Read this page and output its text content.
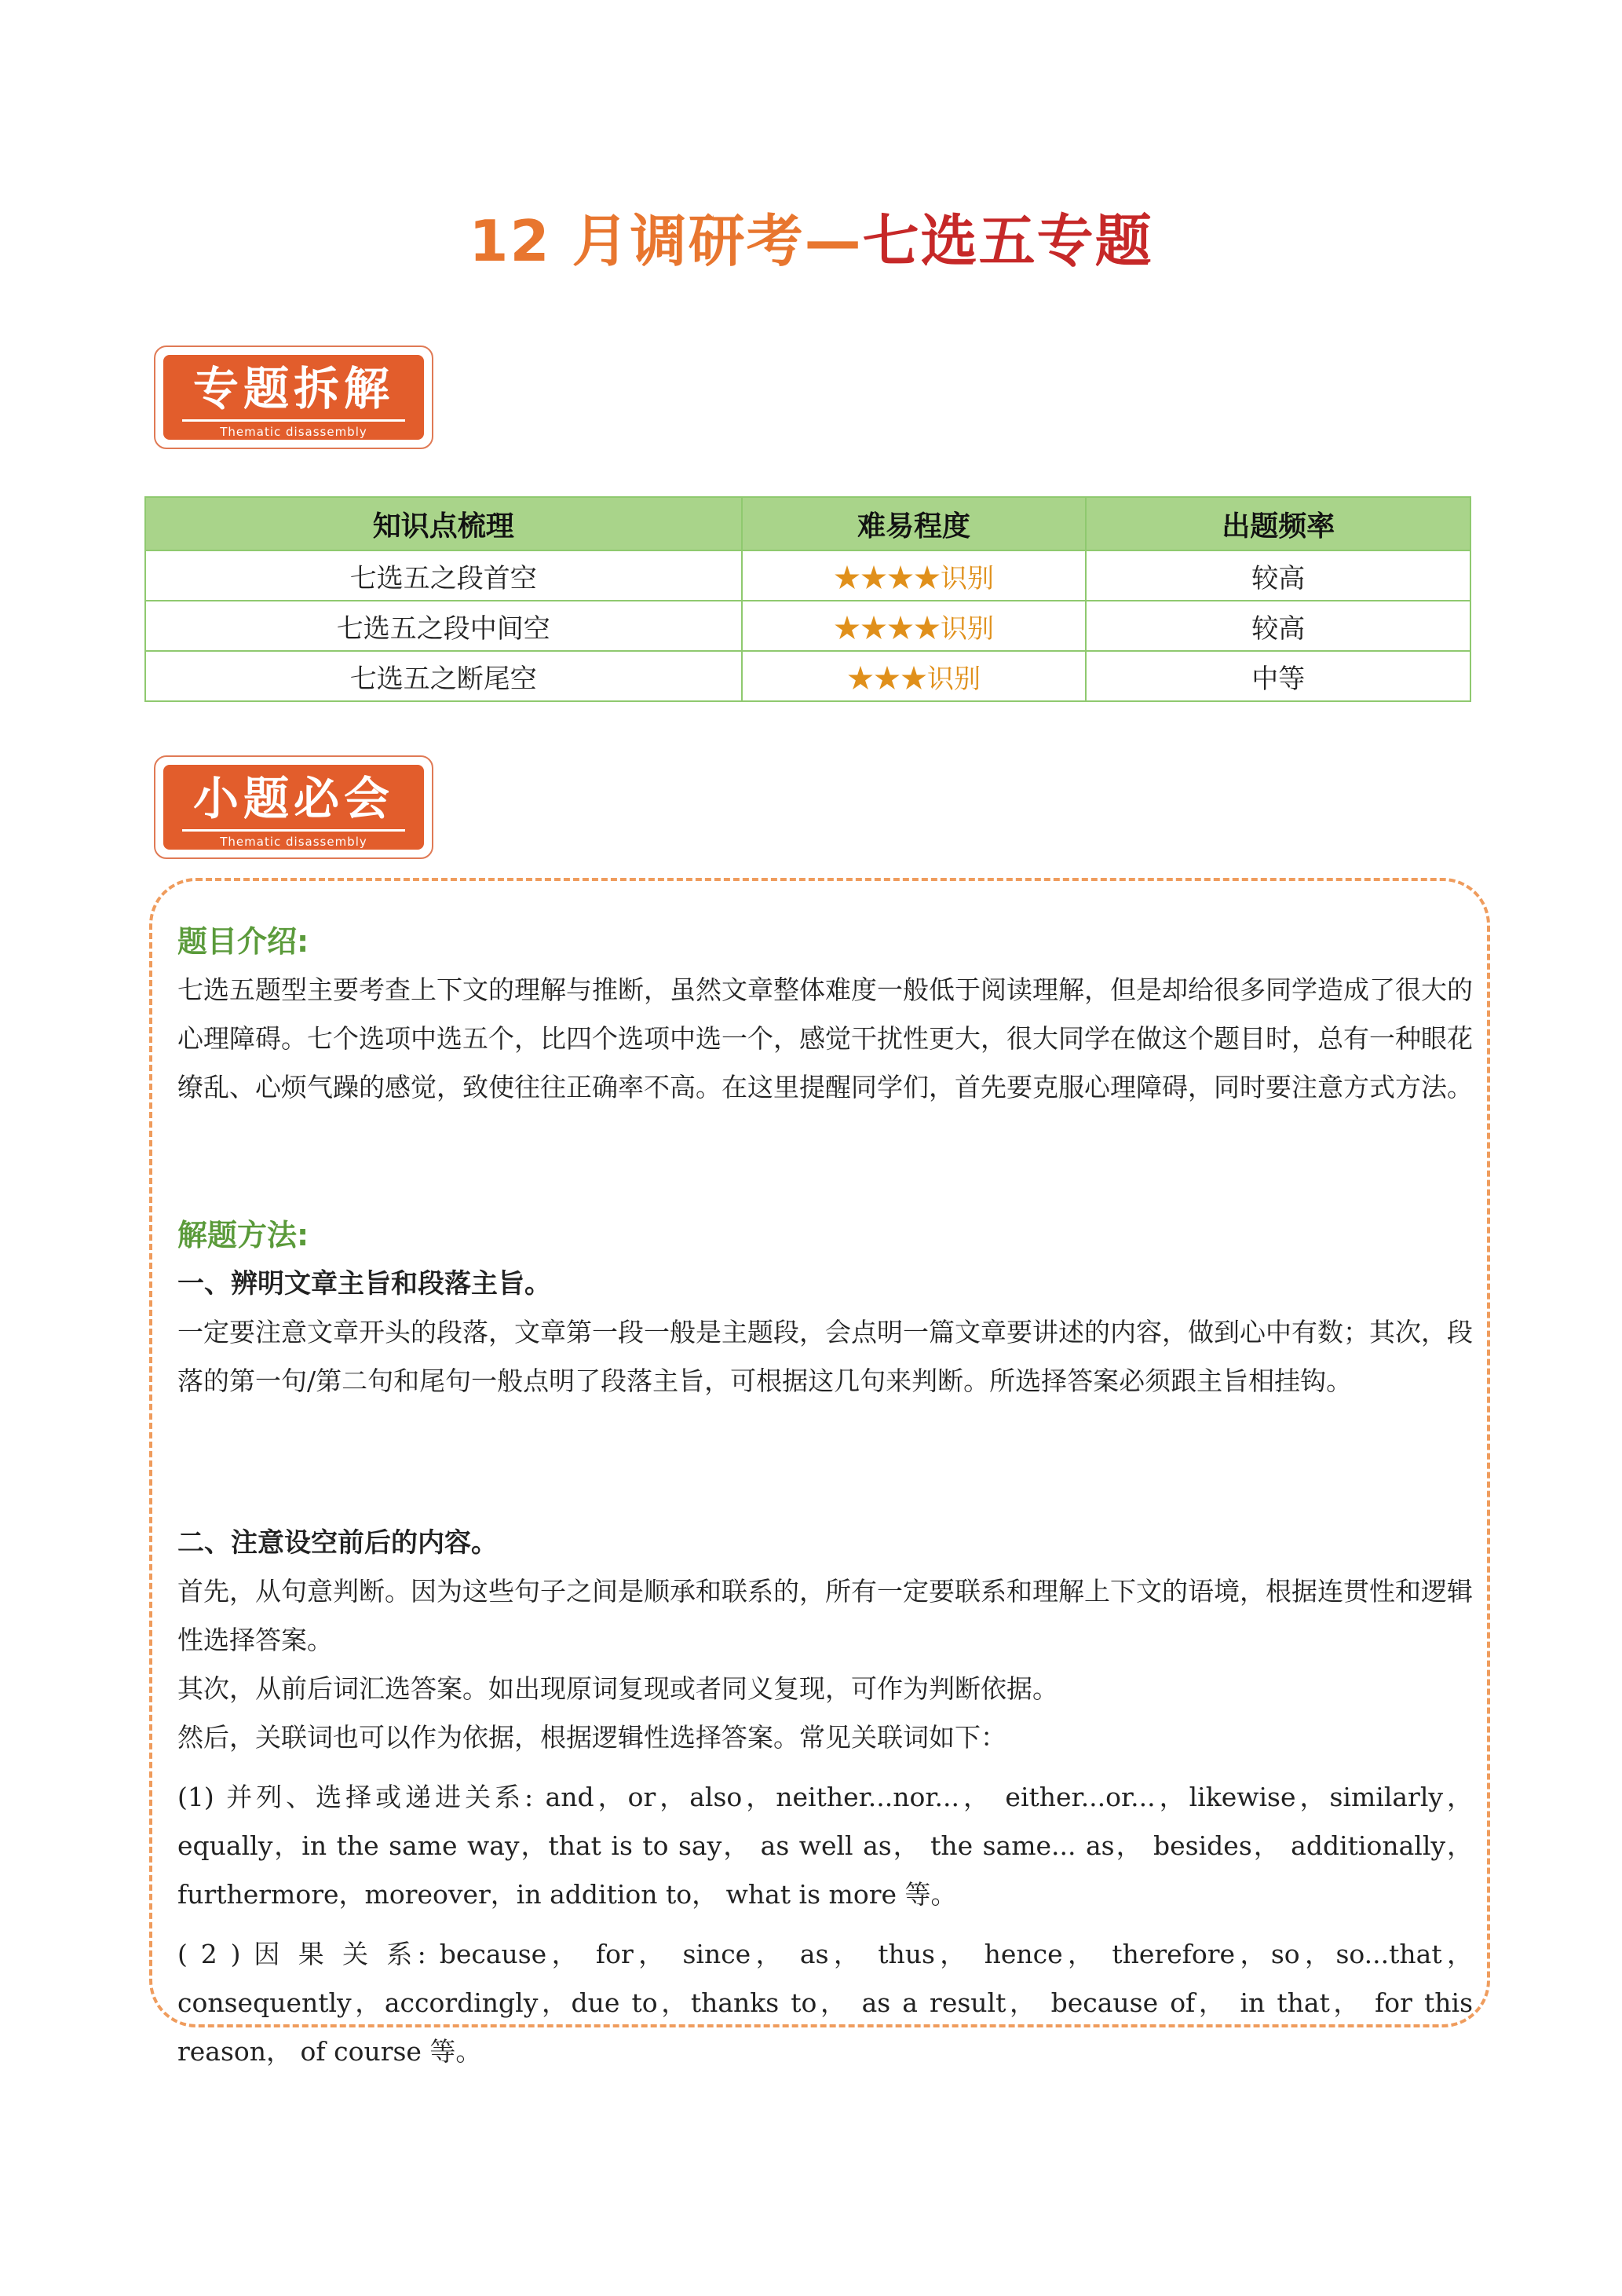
12 月调研考—七选五专题
专题拆解
Thematic disassembly
知识点梳理	难易程度	出题频率
七选五之段首空	★★★★识别	较高
七选五之段中间空	★★★★识别	较高
七选五之断尾空	★★★识别	中等
小题必会
Thematic disassembly

题目介绍:

七选五题型主要考查上下文的理解与推断，虽然文章整体难度一般低于阅读理解，但是却给很多同学造成了很大的心理障碍。七个选项中选五个，比四个选项中选一个，感觉干扰性更大，很大同学在做这个题目时，总有一种眼花缭乱、心烦气躁的感觉，致使往往正确率不高。在这里提醒同学们，首先要克服心理障碍，同时要注意方式方法。

解题方法:

一、辨明文章主旨和段落主旨。

一定要注意文章开头的段落，文章第一段一般是主题段，会点明一篇文章要讲述的内容，做到心中有数；其次，段落的第一句/第二句和尾句一般点明了段落主旨，可根据这几句来判断。所选择答案必须跟主旨相挂钩。

二、注意设空前后的内容。

首先，从句意判断。因为这些句子之间是顺承和联系的，所有一定要联系和理解上下文的语境，根据连贯性和逻辑性选择答案。

其次，从前后词汇选答案。如出现原词复现或者同义复现，可作为判断依据。

然后，关联词也可以作为依据，根据逻辑性选择答案。常见关联词如下：

(1) 并列、选择或递进关系: and，or，also，neither...nor...， either...or...，likewise，similarly，equally，in the same way，that is to say， as well as， the same... as， besides， additionally， furthermore，moreover，in addition to， what is more 等。

( 2 ) 因 果 关 系: because， for， since， as， thus， hence， therefore，so，so...that，consequently，accordingly，due to，thanks to， as a result， because of， in that， for this reason， of course 等。
